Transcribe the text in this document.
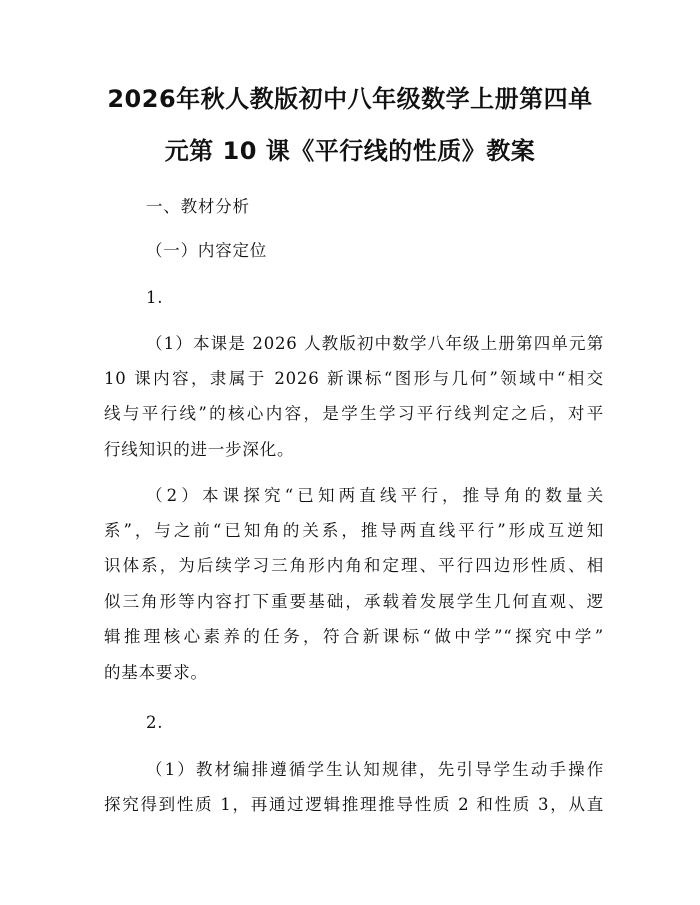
2026年秋人教版初中八年级数学上册第四单
元第 10 课《平行线的性质》教案
一、教材分析
（一）内容定位
1.
（1）本课是 2026 人教版初中数学八年级上册第四单元第
10 课内容，隶属于 2026 新课标“图形与几何”领域中“相交
线与平行线”的核心内容，是学生学习平行线判定之后，对平
行线知识的进一步深化。
（2）本课探究“已知两直线平行，推导角的数量关
系”，与之前“已知角的关系，推导两直线平行”形成互逆知
识体系，为后续学习三角形内角和定理、平行四边形性质、相
似三角形等内容打下重要基础，承载着发展学生几何直观、逻
辑推理核心素养的任务，符合新课标“做中学”“探究中学”
的基本要求。
2.
（1）教材编排遵循学生认知规律，先引导学生动手操作
探究得到性质 1，再通过逻辑推理推导性质 2 和性质 3，从直
